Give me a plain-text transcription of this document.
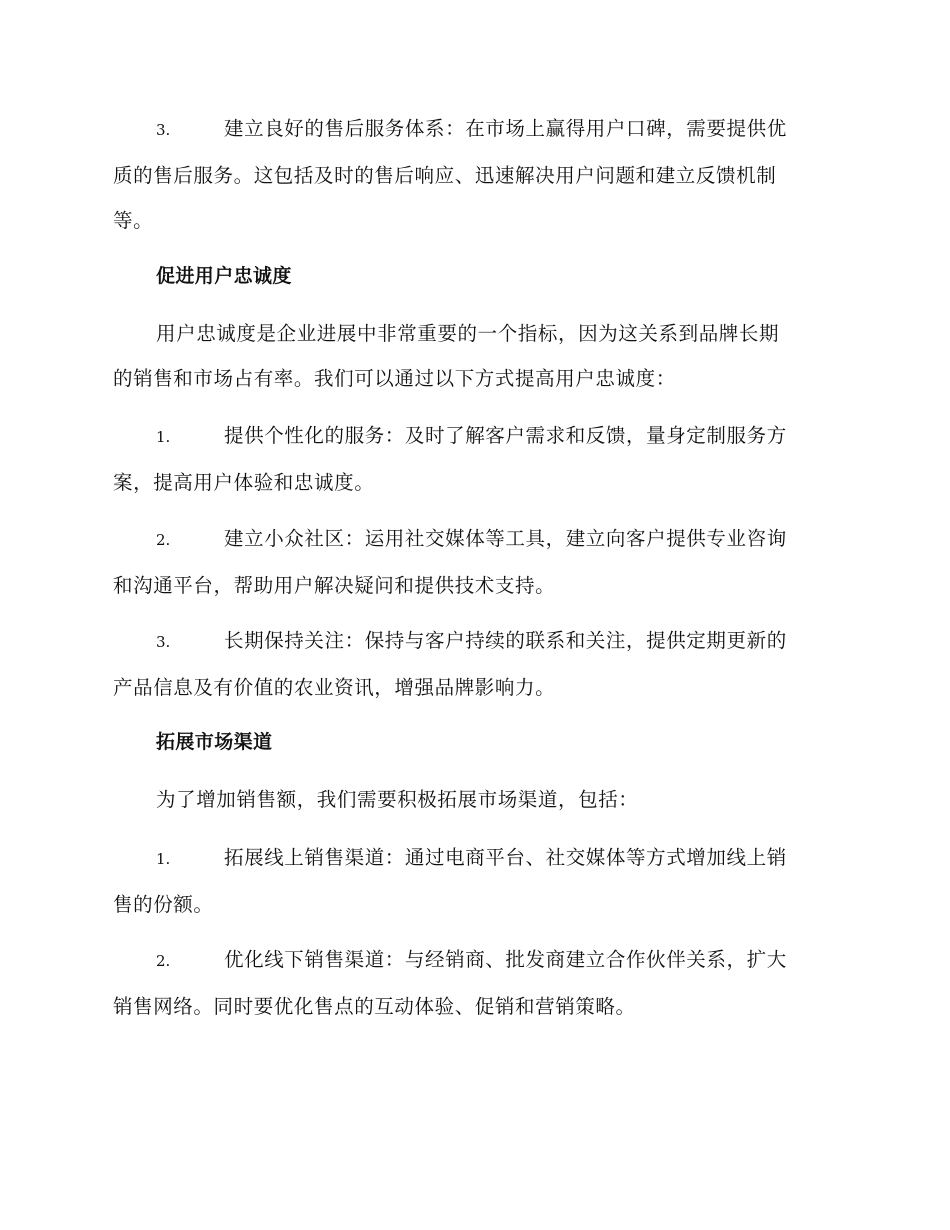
3.	建立良好的售后服务体系：在市场上赢得用户口碑，需要提供优
质的售后服务。这包括及时的售后响应、迅速解决用户问题和建立反馈机制
等。

促进用户忠诚度

用户忠诚度是企业进展中非常重要的一个指标，因为这关系到品牌长期
的销售和市场占有率。我们可以通过以下方式提高用户忠诚度：

1.	提供个性化的服务：及时了解客户需求和反馈，量身定制服务方
案，提高用户体验和忠诚度。

2.	建立小众社区：运用社交媒体等工具，建立向客户提供专业咨询
和沟通平台，帮助用户解决疑问和提供技术支持。

3.	长期保持关注：保持与客户持续的联系和关注，提供定期更新的
产品信息及有价值的农业资讯，增强品牌影响力。

拓展市场渠道

为了增加销售额，我们需要积极拓展市场渠道，包括：

1.	拓展线上销售渠道：通过电商平台、社交媒体等方式增加线上销
售的份额。

2.	优化线下销售渠道：与经销商、批发商建立合作伙伴关系，扩大
销售网络。同时要优化售点的互动体验、促销和营销策略。
